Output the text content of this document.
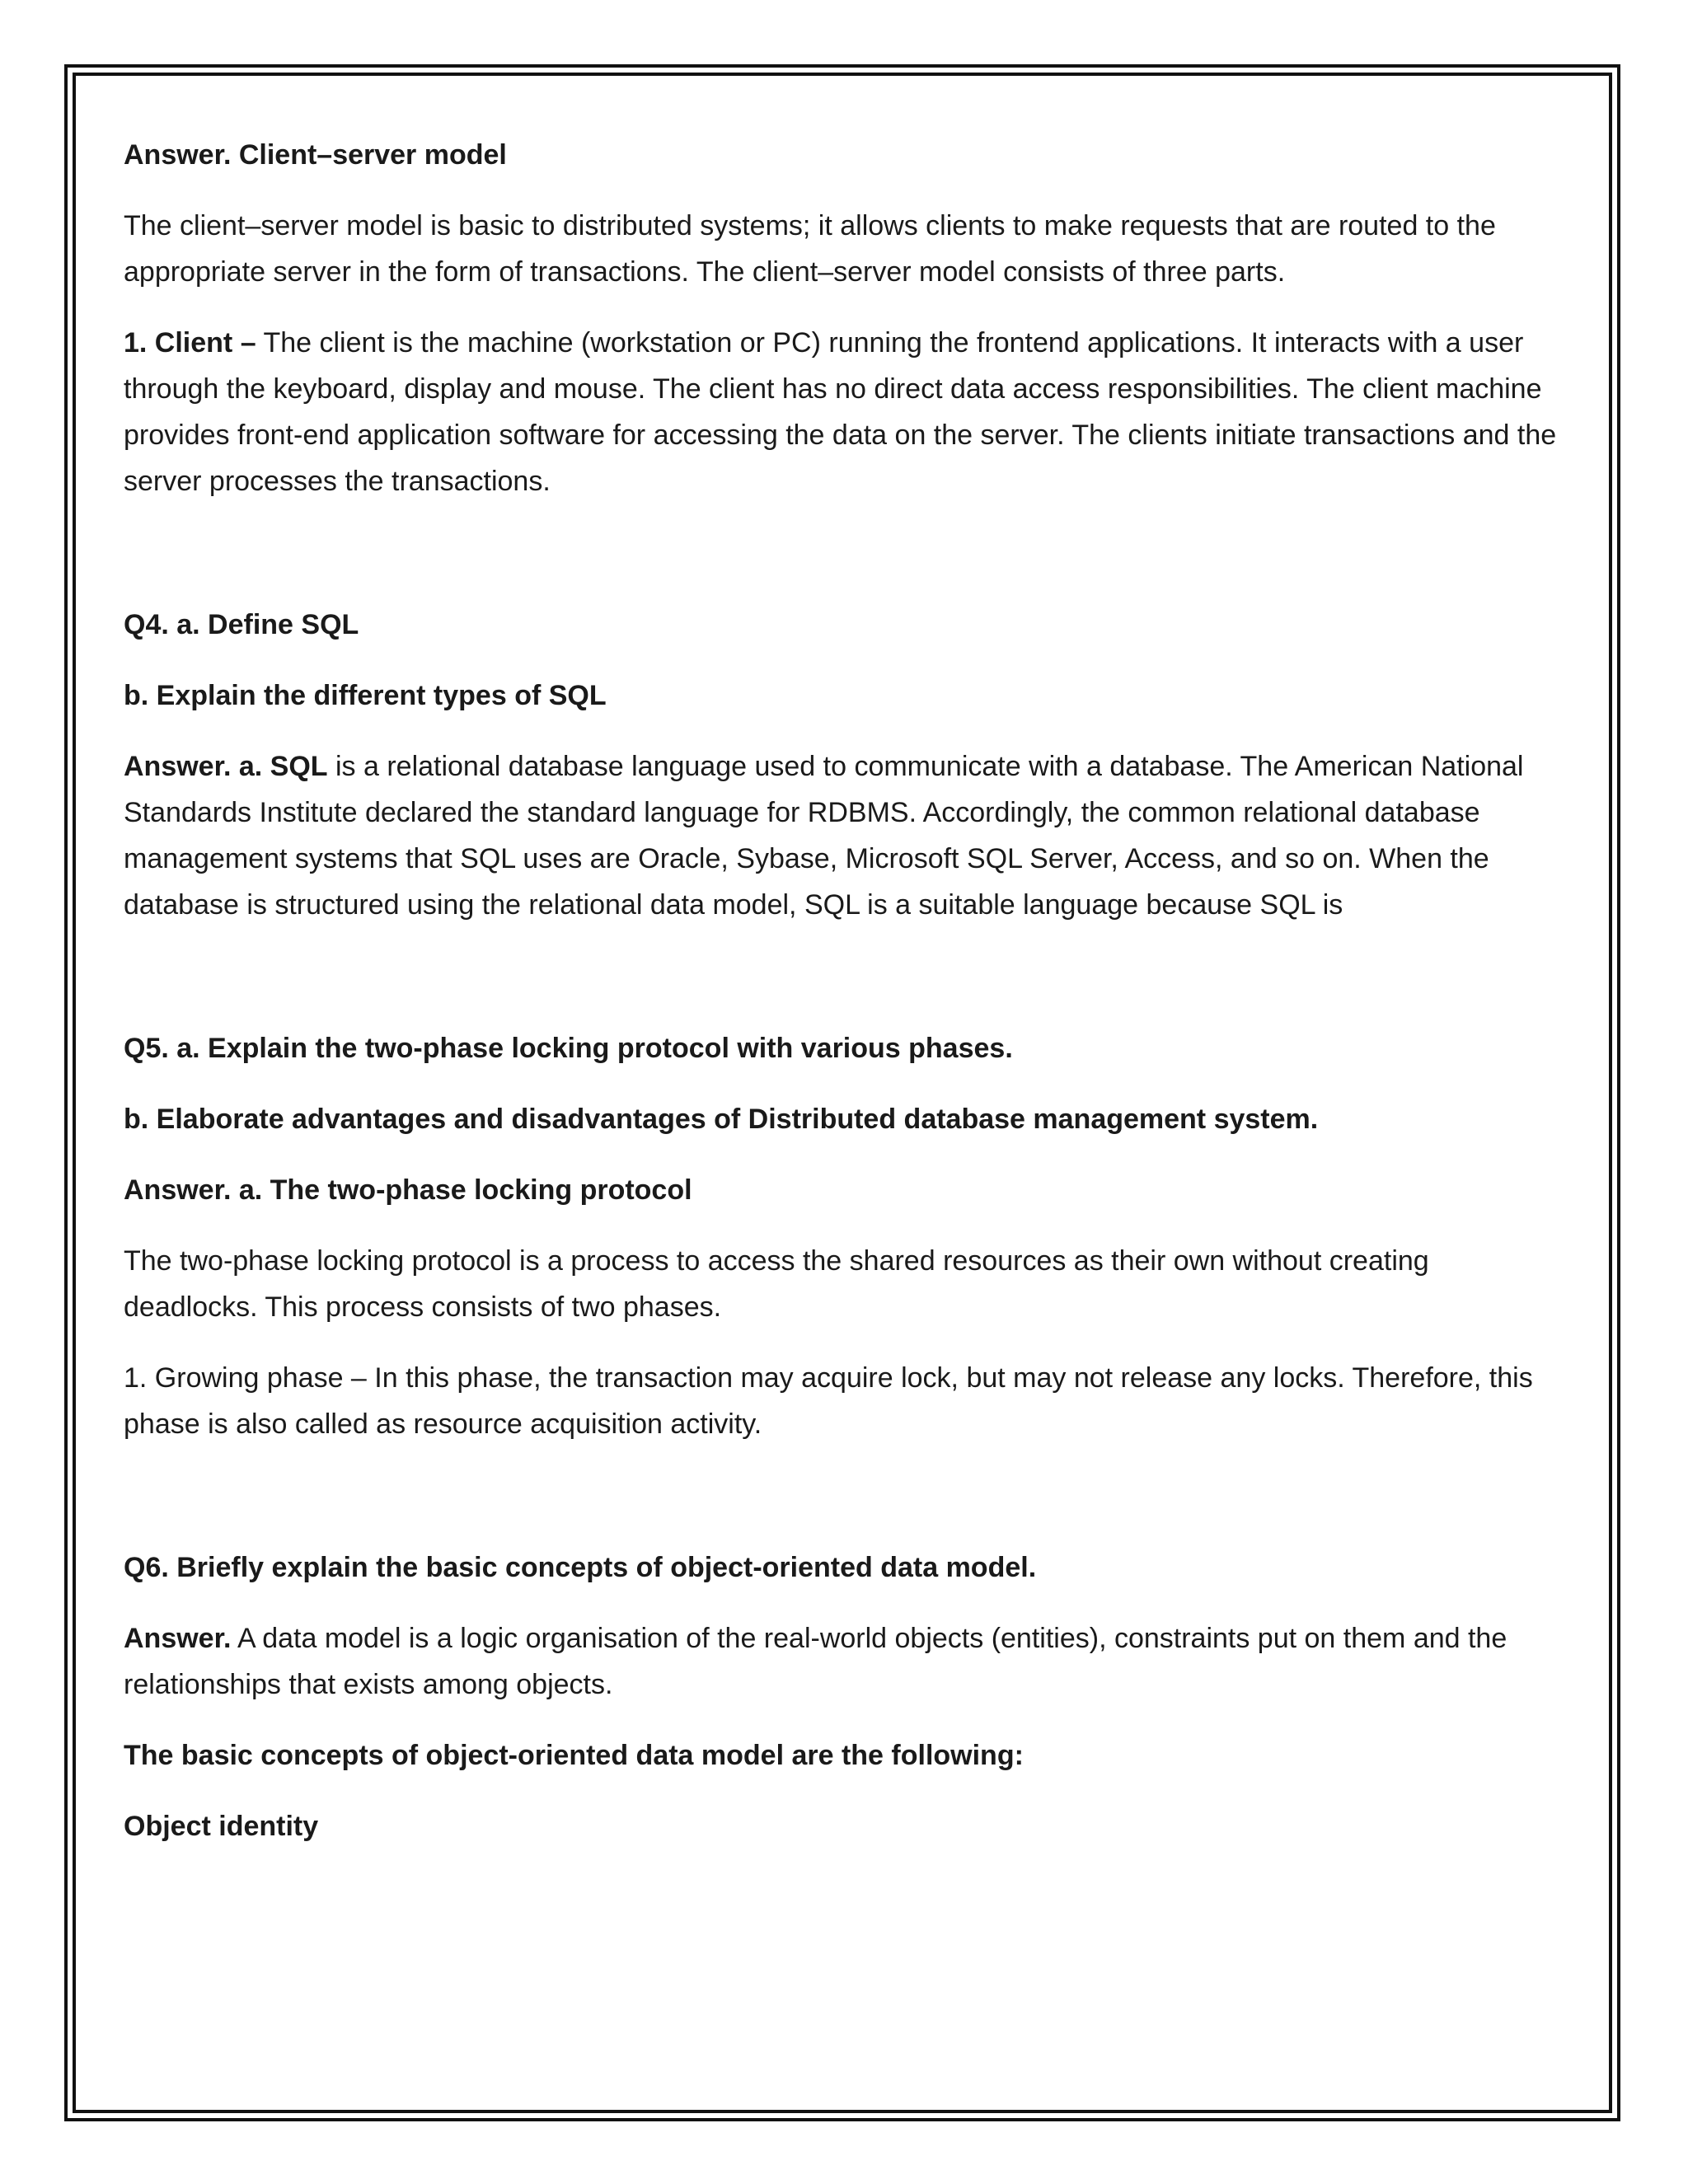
Answer. Client–server model

The client–server model is basic to distributed systems; it allows clients to make requests that are routed to the appropriate server in the form of transactions. The client–server model consists of three parts.

1. Client – The client is the machine (workstation or PC) running the frontend applications. It interacts with a user through the keyboard, display and mouse. The client has no direct data access responsibilities. The client machine provides front-end application software for accessing the data on the server. The clients initiate transactions and the server processes the transactions.

Q4. a. Define SQL

b. Explain the different types of SQL

Answer. a. SQL is a relational database language used to communicate with a database. The American National Standards Institute declared the standard language for RDBMS. Accordingly, the common relational database management systems that SQL uses are Oracle, Sybase, Microsoft SQL Server, Access, and so on. When the database is structured using the relational data model, SQL is a suitable language because SQL is

Q5. a. Explain the two-phase locking protocol with various phases.

b. Elaborate advantages and disadvantages of Distributed database management system.

Answer. a. The two-phase locking protocol

The two-phase locking protocol is a process to access the shared resources as their own without creating deadlocks. This process consists of two phases.

1. Growing phase – In this phase, the transaction may acquire lock, but may not release any locks. Therefore, this phase is also called as resource acquisition activity.

Q6. Briefly explain the basic concepts of object-oriented data model.

Answer. A data model is a logic organisation of the real-world objects (entities), constraints put on them and the relationships that exists among objects.

The basic concepts of object-oriented data model are the following:

Object identity
